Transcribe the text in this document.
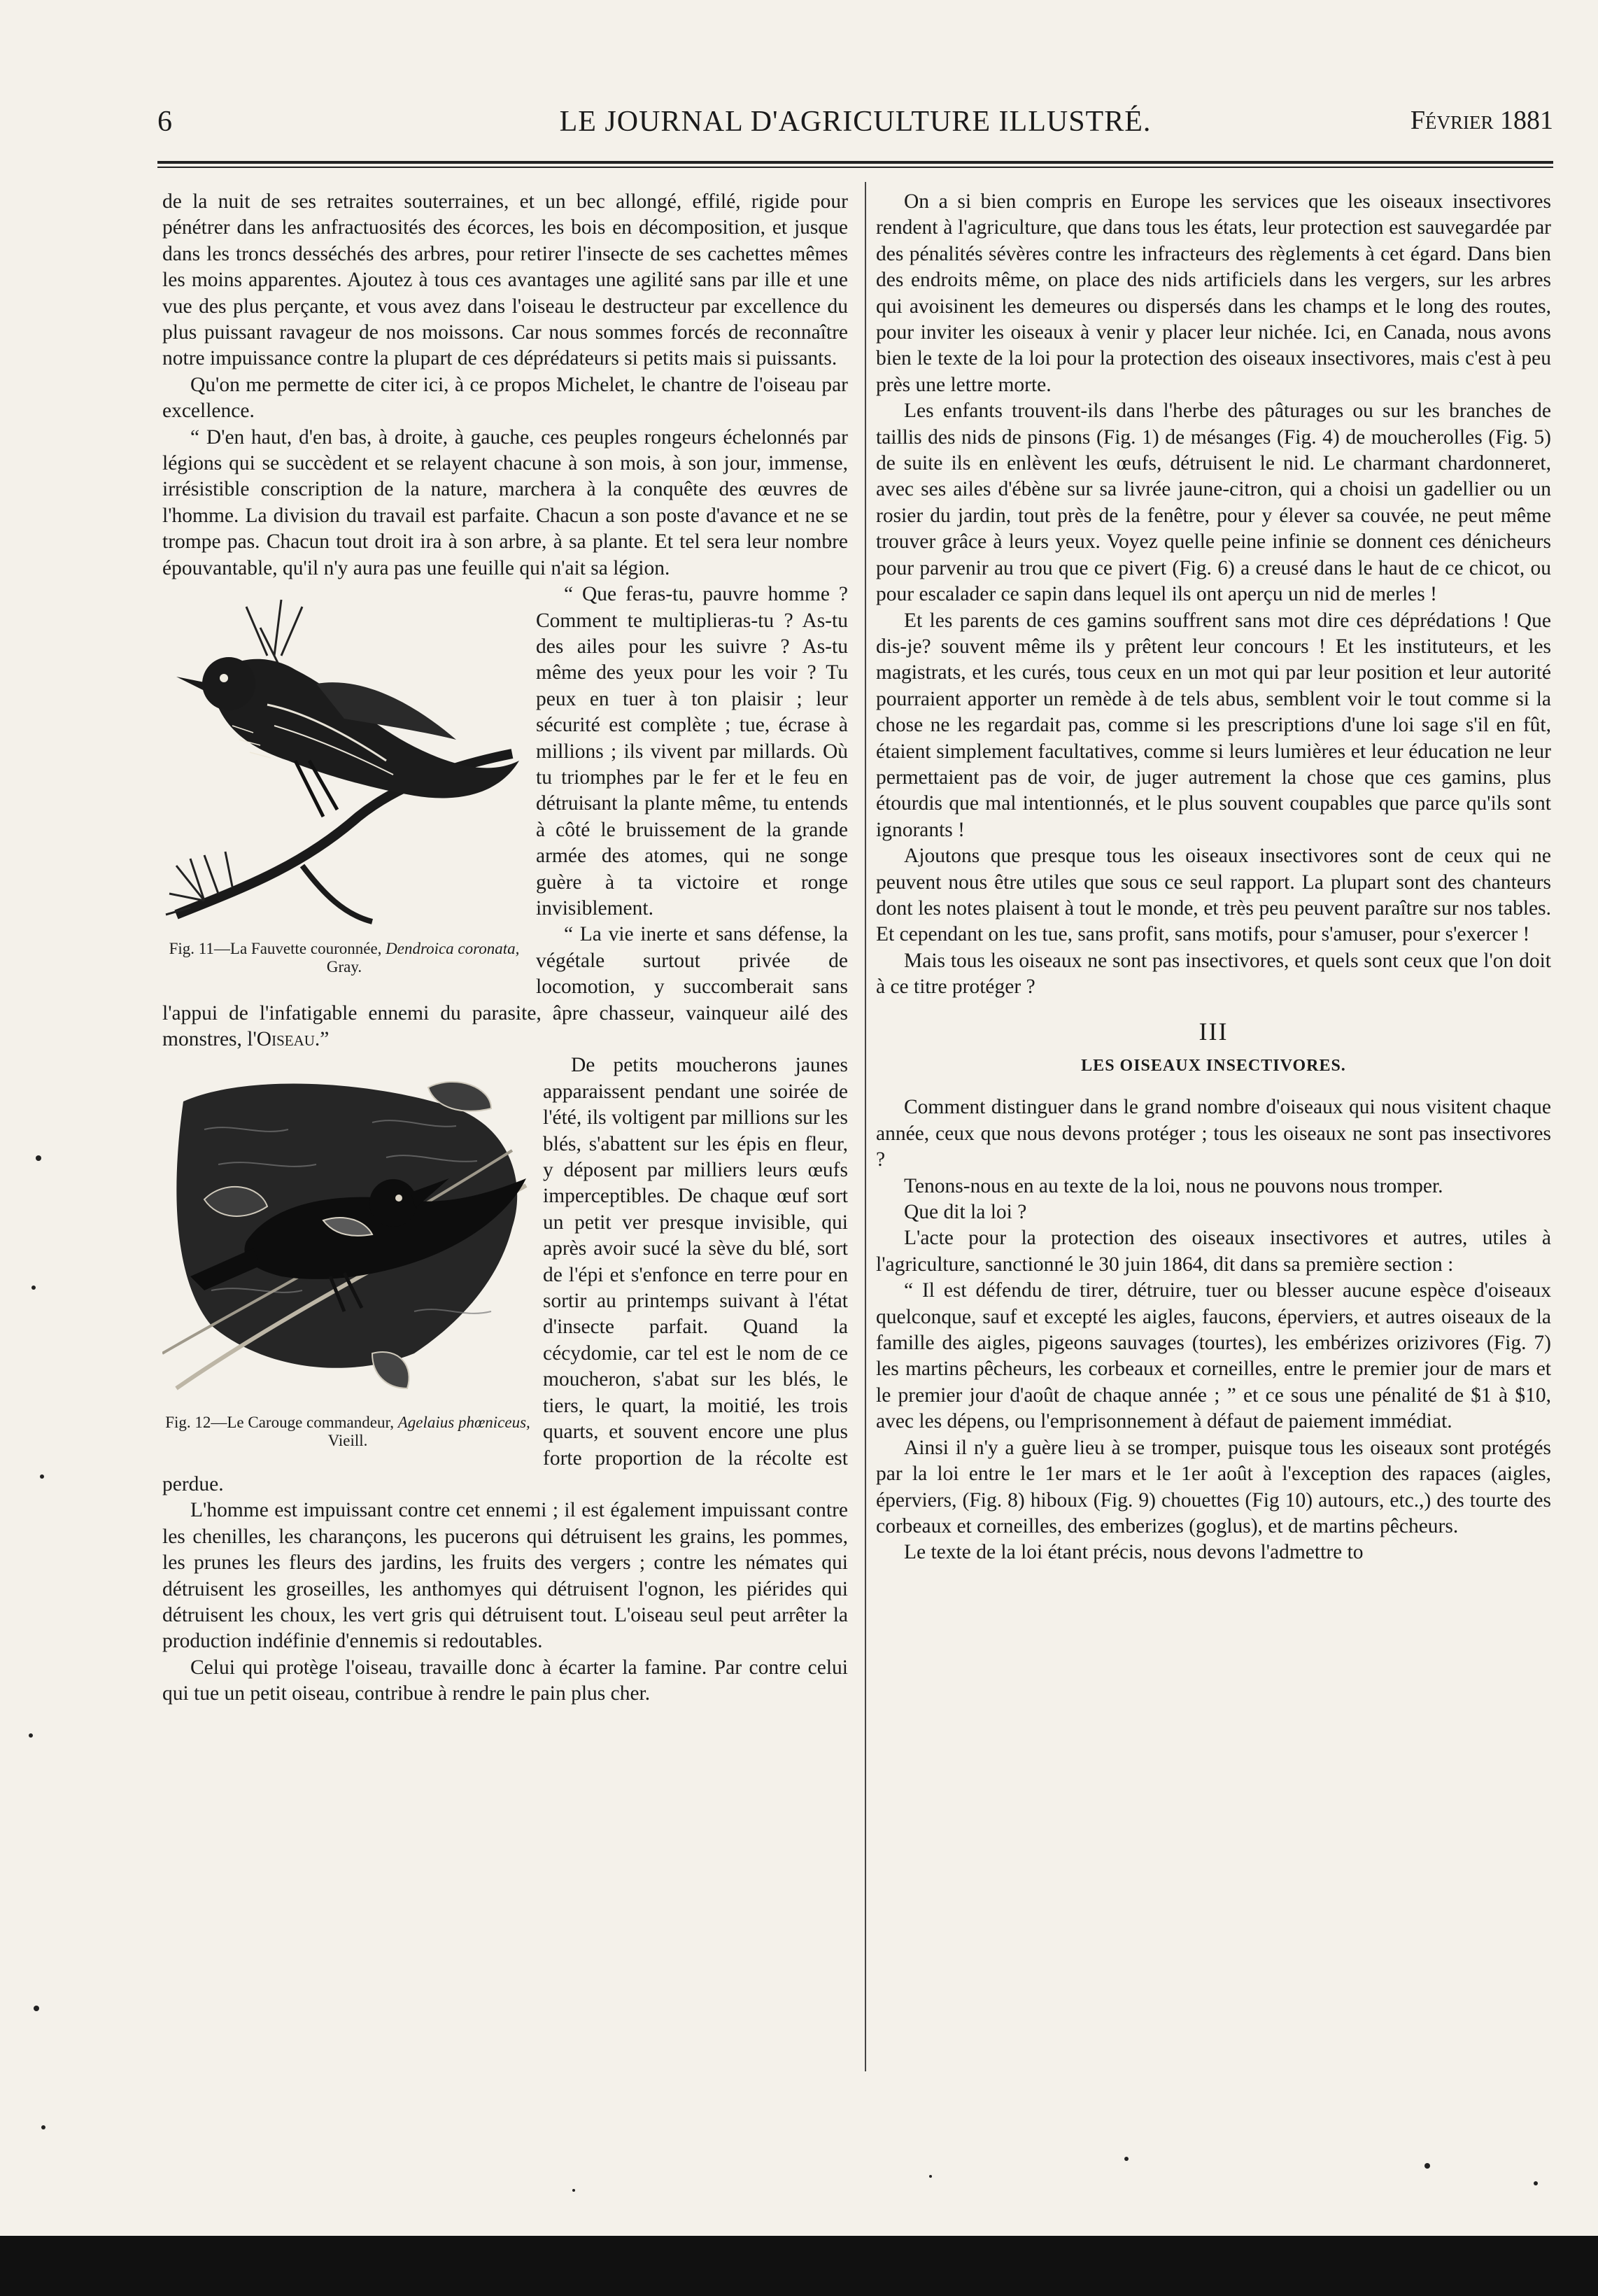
6	LE JOURNAL D'AGRICULTURE ILLUSTRÉ.	Février 1881

de la nuit de ses retraites souterraines, et un bec allongé, effilé, rigide pour pénétrer dans les anfractuosités des écorces, les bois en décomposition, et jusque dans les troncs desséchés des arbres, pour retirer l'insecte de ses cachettes mêmes les moins apparentes. Ajoutez à tous ces avantages une agilité sans par ille et une vue des plus perçante, et vous avez dans l'oiseau le destructeur par excellence du plus puissant ravageur de nos moissons. Car nous sommes forcés de reconnaître notre impuissance contre la plupart de ces déprédateurs si petits mais si puissants.

Qu'on me permette de citer ici, à ce propos Michelet, le chantre de l'oiseau par excellence.

“ D'en haut, d'en bas, à droite, à gauche, ces peuples rongeurs échelonnés par légions qui se succèdent et se relayent chacune à son mois, à son jour, immense, irrésistible conscription de la nature, marchera à la conquête des œuvres de l'homme. La division du travail est parfaite. Chacun a son poste d'avance et ne se trompe pas. Chacun tout droit ira à son arbre, à sa plante. Et tel sera leur nombre épouvantable, qu'il n'y aura pas une feuille qui n'ait sa légion.

Fig. 11—La Fauvette couronnée, Dendroica coronata, Gray.

“ Que feras-tu, pauvre homme ? Comment te multiplieras-tu ? As-tu des ailes pour les suivre ? As-tu même des yeux pour les voir ? Tu peux en tuer à ton plaisir ; leur sécurité est complète ; tue, écrase à millions ; ils vivent par millards. Où tu triomphes par le fer et le feu en détruisant la plante même, tu entends à côté le bruissement de la grande armée des atomes, qui ne songe guère à ta victoire et ronge invisiblement.

“ La vie inerte et sans défense, la végétale surtout privée de locomotion, y succomberait sans l'appui de l'infatigable ennemi du parasite, âpre chasseur, vainqueur ailé des monstres, l'Oiseau.”

Fig. 12—Le Carouge commandeur, Agelaius phœniceus, Vieill.

De petits moucherons jaunes apparaissent pendant une soirée de l'été, ils voltigent par millions sur les blés, s'abattent sur les épis en fleur, y déposent par milliers leurs œufs imperceptibles. De chaque œuf sort un petit ver presque invisible, qui après avoir sucé la sève du blé, sort de l'épi et s'enfonce en terre pour en sortir au printemps suivant à l'état d'insecte parfait. Quand la cécydomie, car tel est le nom de ce moucheron, s'abat sur les blés, le tiers, le quart, la moitié, les trois quarts, et souvent encore une plus forte proportion de la récolte est perdue.

L'homme est impuissant contre cet ennemi ; il est également impuissant contre les chenilles, les charançons, les pucerons qui détruisent les grains, les pommes, les prunes les fleurs des jardins, les fruits des vergers ; contre les némates qui détruisent les groseilles, les anthomyes qui détruisent l'ognon, les piérides qui détruisent les choux, les vert gris qui détruisent tout. L'oiseau seul peut arrêter la production indéfinie d'ennemis si redoutables.

Celui qui protège l'oiseau, travaille donc à écarter la famine. Par contre celui qui tue un petit oiseau, contribue à rendre le pain plus cher.

On a si bien compris en Europe les services que les oiseaux insectivores rendent à l'agriculture, que dans tous les états, leur protection est sauvegardée par des pénalités sévères contre les infracteurs des règlements à cet égard. Dans bien des endroits même, on place des nids artificiels dans les vergers, sur les arbres qui avoisinent les demeures ou dispersés dans les champs et le long des routes, pour inviter les oiseaux à venir y placer leur nichée. Ici, en Canada, nous avons bien le texte de la loi pour la protection des oiseaux insectivores, mais c'est à peu près une lettre morte.

Les enfants trouvent-ils dans l'herbe des pâturages ou sur les branches de taillis des nids de pinsons (Fig. 1) de mésanges (Fig. 4) de moucherolles (Fig. 5) de suite ils en enlèvent les œufs, détruisent le nid. Le charmant chardonneret, avec ses ailes d'ébène sur sa livrée jaune-citron, qui a choisi un gadellier ou un rosier du jardin, tout près de la fenêtre, pour y élever sa couvée, ne peut même trouver grâce à leurs yeux. Voyez quelle peine infinie se donnent ces dénicheurs pour parvenir au trou que ce pivert (Fig. 6) a creusé dans le haut de ce chicot, ou pour escalader ce sapin dans lequel ils ont aperçu un nid de merles !

Et les parents de ces gamins souffrent sans mot dire ces déprédations ! Que dis-je? souvent même ils y prêtent leur concours ! Et les instituteurs, et les magistrats, et les curés, tous ceux en un mot qui par leur position et leur autorité pourraient apporter un remède à de tels abus, semblent voir le tout comme si la chose ne les regardait pas, comme si les prescriptions d'une loi sage s'il en fût, étaient simplement facultatives, comme si leurs lumières et leur éducation ne leur permettaient pas de voir, de juger autrement la chose que ces gamins, plus étourdis que mal intentionnés, et le plus souvent coupables que parce qu'ils sont ignorants !

Ajoutons que presque tous les oiseaux insectivores sont de ceux qui ne peuvent nous être utiles que sous ce seul rapport. La plupart sont des chanteurs dont les notes plaisent à tout le monde, et très peu peuvent paraître sur nos tables. Et cependant on les tue, sans profit, sans motifs, pour s'amuser, pour s'exercer !

Mais tous les oiseaux ne sont pas insectivores, et quels sont ceux que l'on doit à ce titre protéger ?

III
LES OISEAUX INSECTIVORES.

Comment distinguer dans le grand nombre d'oiseaux qui nous visitent chaque année, ceux que nous devons protéger ; tous les oiseaux ne sont pas insectivores ?

Tenons-nous en au texte de la loi, nous ne pouvons nous tromper.

Que dit la loi ?

L'acte pour la protection des oiseaux insectivores et autres, utiles à l'agriculture, sanctionné le 30 juin 1864, dit dans sa première section :

“ Il est défendu de tirer, détruire, tuer ou blesser aucune espèce d'oiseaux quelconque, sauf et excepté les aigles, faucons, éperviers, et autres oiseaux de la famille des aigles, pigeons sauvages (tourtes), les embérizes orizivores (Fig. 7) les martins pêcheurs, les corbeaux et corneilles, entre le premier jour de mars et le premier jour d'août de chaque année ; ” et ce sous une pénalité de $1 à $10, avec les dépens, ou l'emprisonnement à défaut de paiement immédiat.

Ainsi il n'y a guère lieu à se tromper, puisque tous les oiseaux sont protégés par la loi entre le 1er mars et le 1er août à l'exception des rapaces (aigles, éperviers, (Fig. 8) hiboux (Fig. 9) chouettes (Fig 10) autours, etc.,) des tourte des corbeaux et corneilles, des emberizes (goglus), et de martins pêcheurs.

Le texte de la loi étant précis, nous devons l'admettre to
